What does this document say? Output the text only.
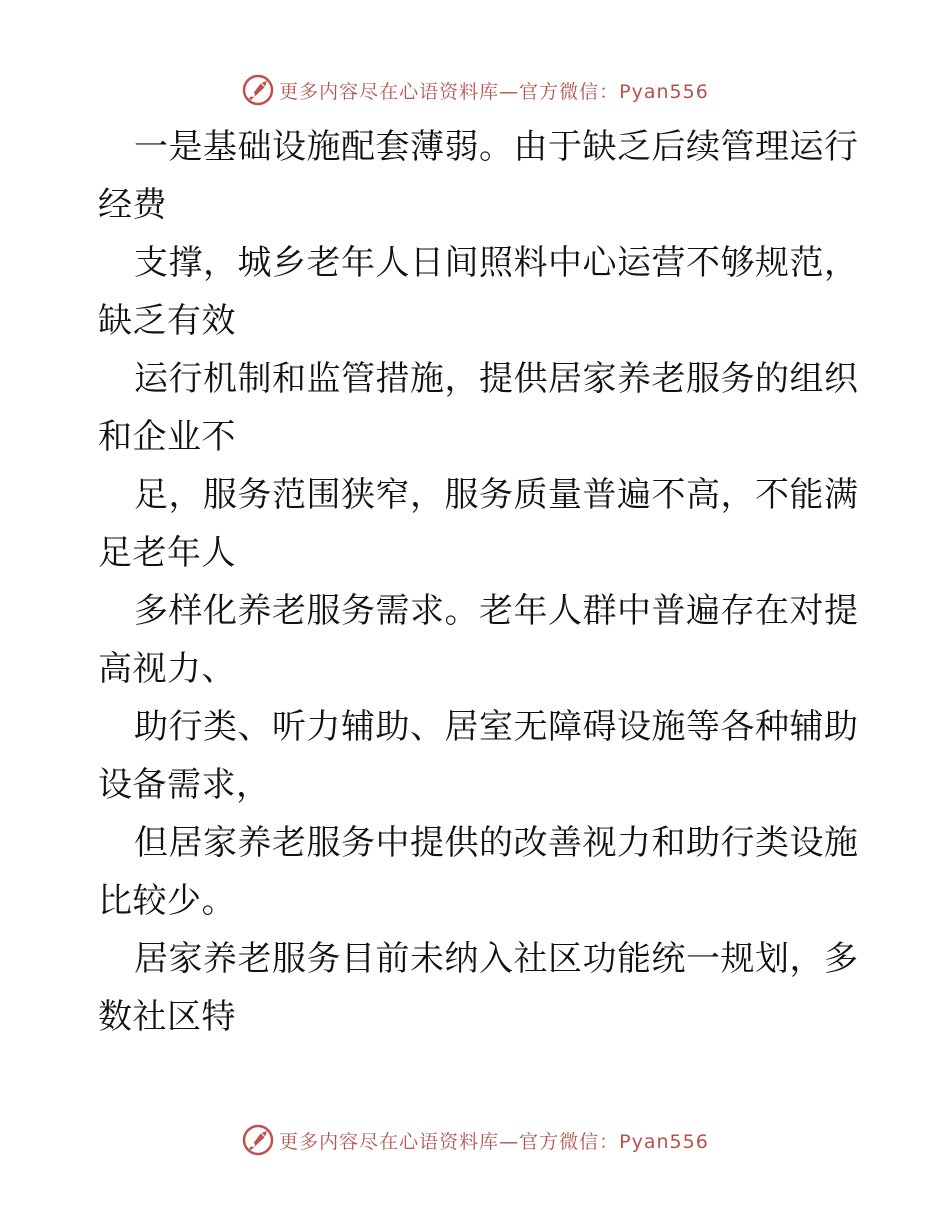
更多内容尽在心语资料库—官方微信：Pyan556
一是基础设施配套薄弱。由于缺乏后续管理运行
经费
支撑，城乡老年人日间照料中心运营不够规范，
缺乏有效
运行机制和监管措施，提供居家养老服务的组织
和企业不
足，服务范围狭窄，服务质量普遍不高，不能满
足老年人
多样化养老服务需求。老年人群中普遍存在对提
高视力、
助行类、听力辅助、居室无障碍设施等各种辅助
设备需求，
但居家养老服务中提供的改善视力和助行类设施
比较少。
居家养老服务目前未纳入社区功能统一规划，多
数社区特
更多内容尽在心语资料库—官方微信：Pyan556
